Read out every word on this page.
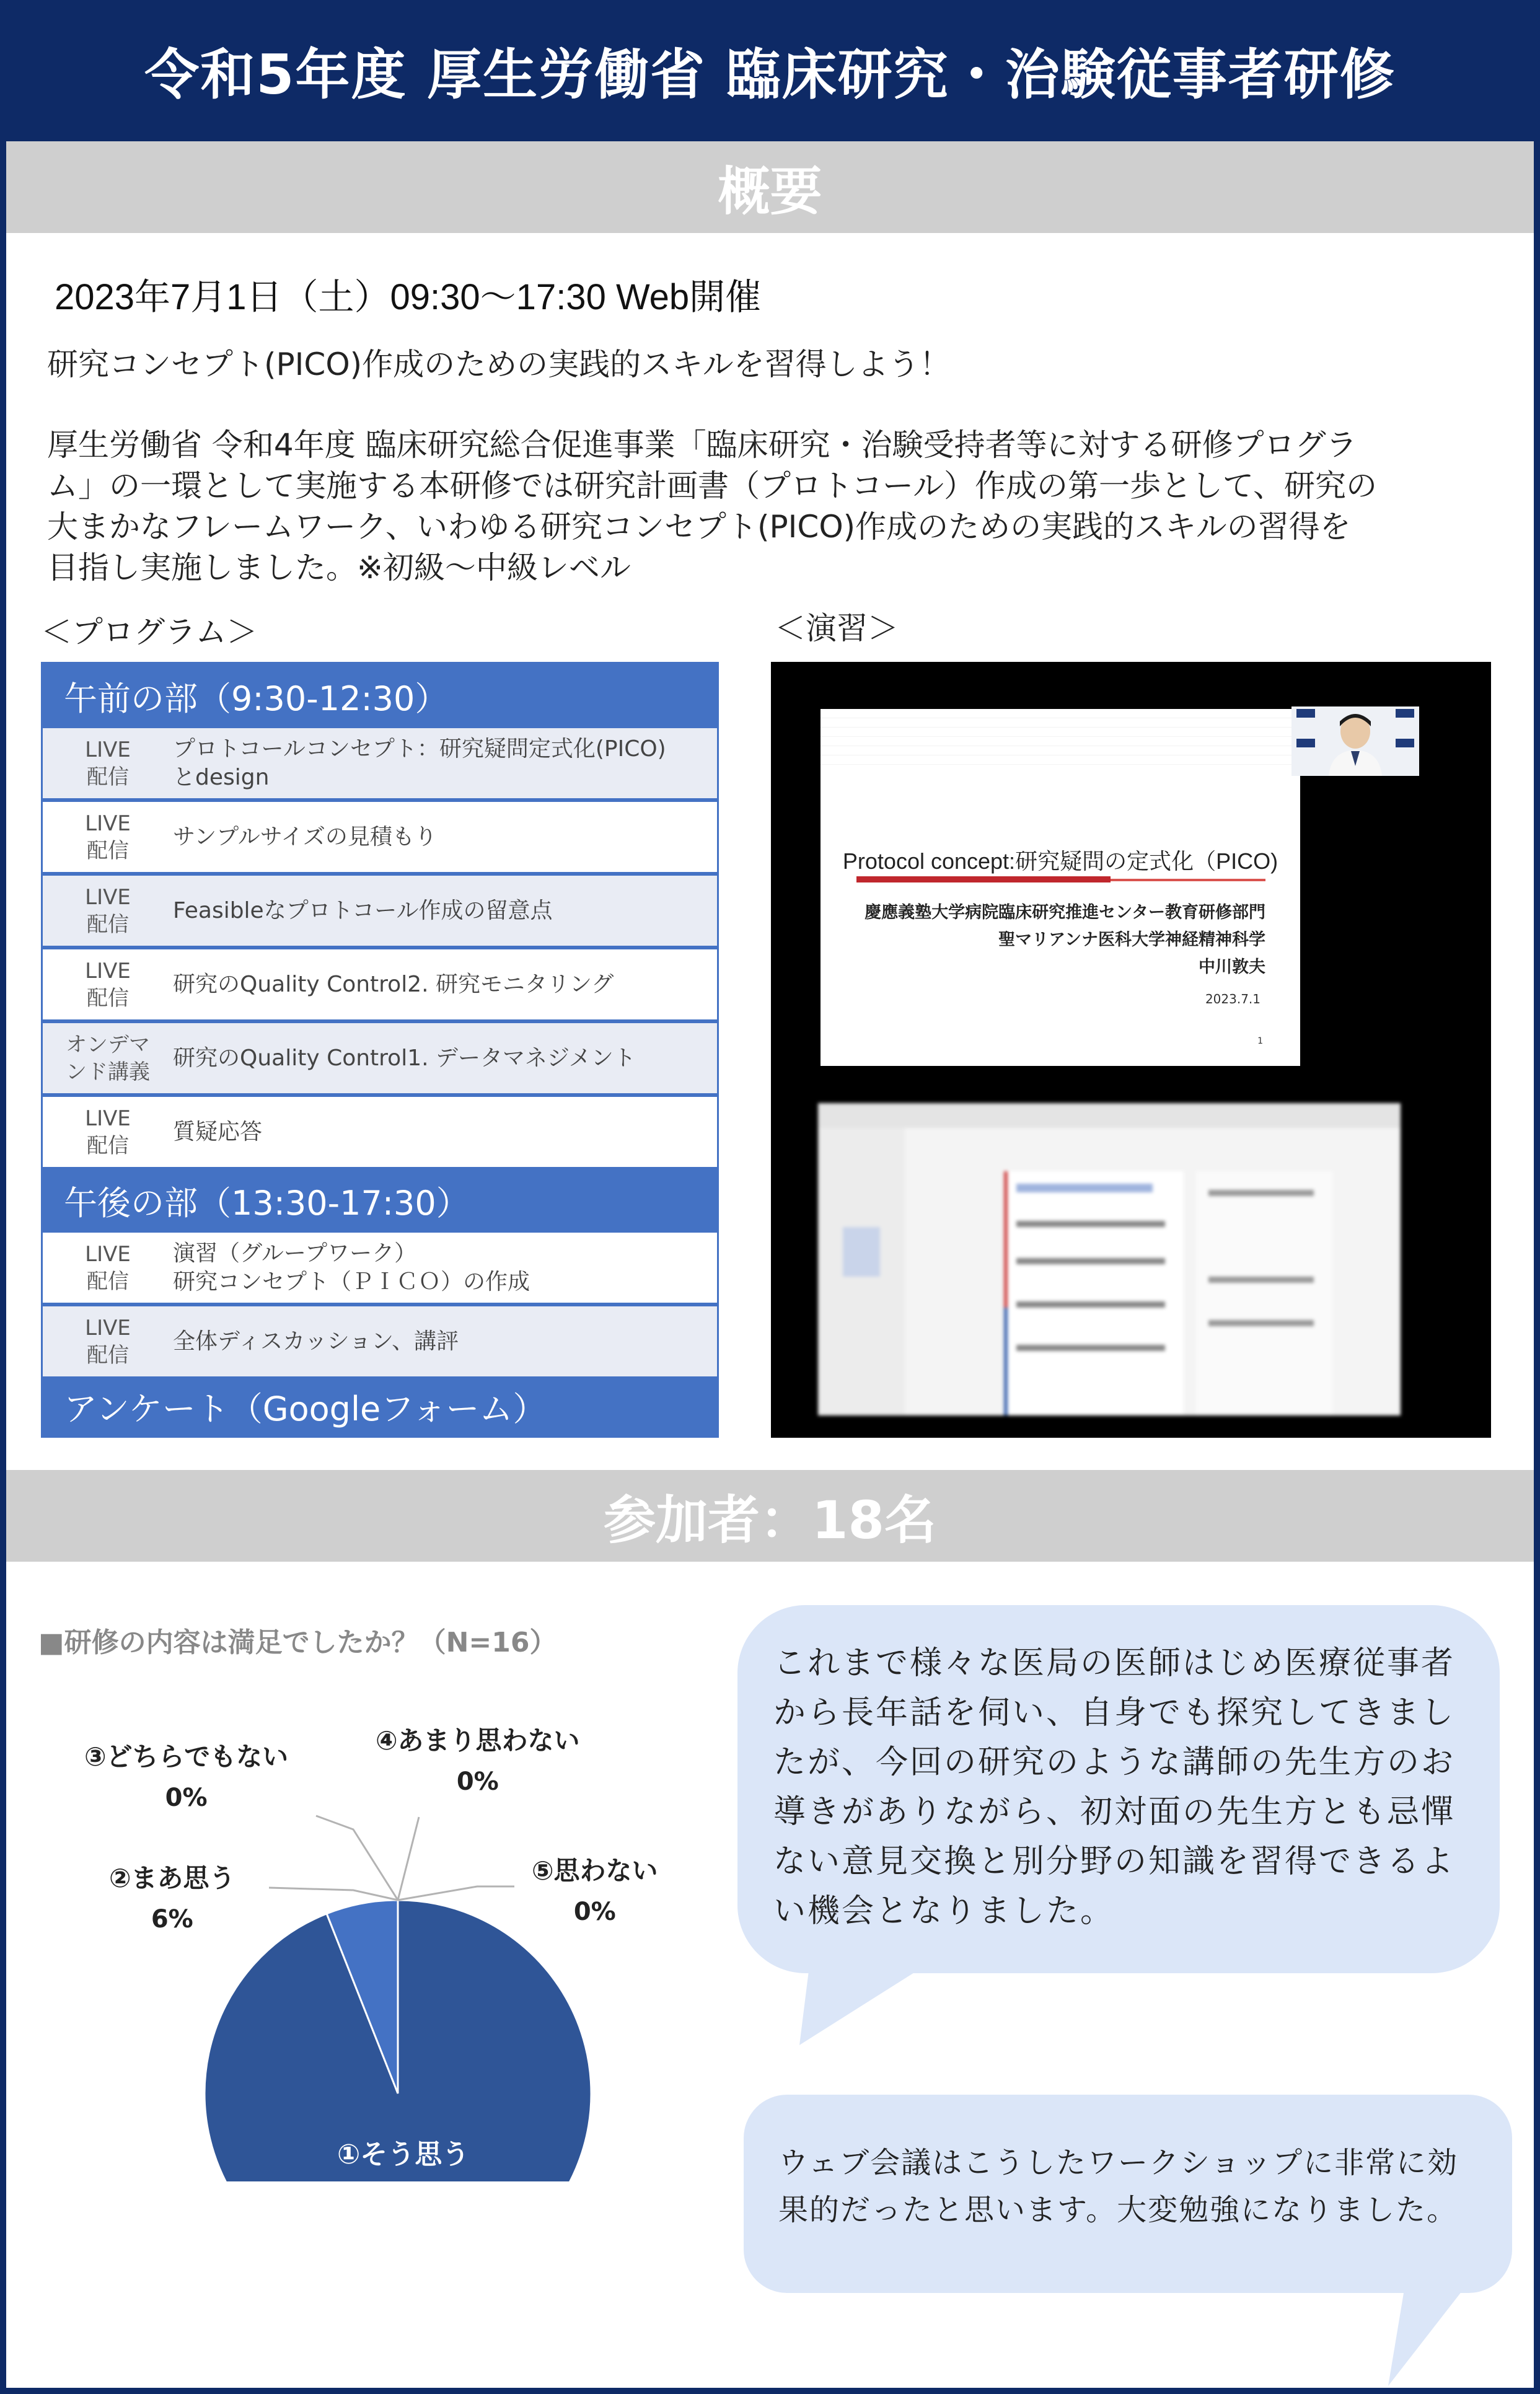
令和5年度 厚生労働省 臨床研究・治験従事者研修
概要
2023年7月1日（土）09:30～17:30 Web開催
研究コンセプト(PICO)作成のための実践的スキルを習得しよう！
厚生労働省 令和4年度 臨床研究総合促進事業「臨床研究・治験受持者等に対する研修プログラ
ム」の一環として実施する本研修では研究計画書（プロトコール）作成の第一歩として、研究の
大まかなフレームワーク、いわゆる研究コンセプト(PICO)作成のための実践的スキルの習得を
目指し実施しました。※初級～中級レベル
＜プログラム＞	＜演習＞
午前の部（9:30-12:30）
LIVE
配信
プロトコールコンセプト：研究疑問定式化(PICO)
とdesign
LIVE
配信
サンプルサイズの見積もり
LIVE
配信
Feasibleなプロトコール作成の留意点
LIVE
配信
研究のQuality Control2. 研究モニタリング
オンデマ
ンド講義
研究のQuality Control1. データマネジメント
LIVE
配信
質疑応答
午後の部（13:30-17:30）
LIVE
配信
演習（グループワーク）
研究コンセプト（ＰＩＣＯ）の作成
LIVE
配信
全体ディスカッション、講評
アンケート（Googleフォーム）
Protocol concept:研究疑問の定式化（PICO)
慶應義塾大学病院臨床研究推進センター教育研修部門
聖マリアンナ医科大学神経精神科学
中川敦夫
2023.7.1
1
参加者：18名
■研修の内容は満足でしたか？（N=16）
①そう思う
94%
②まあ思う
6%
③どちらでもない
0%
④あまり思わない
0%
⑤思わない
0%
これまで様々な医局の医師はじめ医療従事者
から長年話を伺い、自身でも探究してきまし
たが、今回の研究のような講師の先生方のお
導きがありながら、初対面の先生方とも忌憚
ない意見交換と別分野の知識を習得できるよ
い機会となりました。
ウェブ会議はこうしたワークショップに非常に効
果的だったと思います。大変勉強になりました。
